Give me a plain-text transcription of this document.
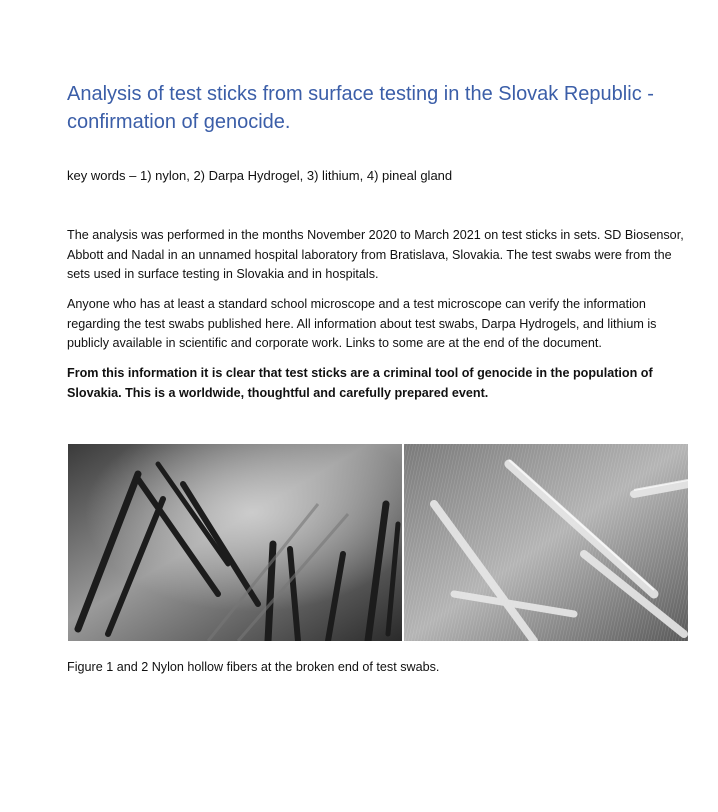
Analysis of test sticks from surface testing in the Slovak Republic - confirmation of genocide.

key words – 1) nylon, 2) Darpa Hydrogel, 3) lithium, 4) pineal gland

The analysis was performed in the months November 2020 to March 2021 on test sticks in sets. SD Biosensor, Abbott and Nadal in an unnamed hospital laboratory from Bratislava, Slovakia. The test swabs were from the sets used in surface testing in Slovakia and in hospitals.

Anyone who has at least a standard school microscope and a test microscope can verify the information regarding the test swabs published here. All information about test swabs, Darpa Hydrogels, and lithium is publicly available in scientific and corporate work. Links to some are at the end of the document.

From this information it is clear that test sticks are a criminal tool of genocide in the population of Slovakia. This is a worldwide, thoughtful and carefully prepared event.

Figure 1 and 2 Nylon hollow fibers at the broken end of test swabs.
